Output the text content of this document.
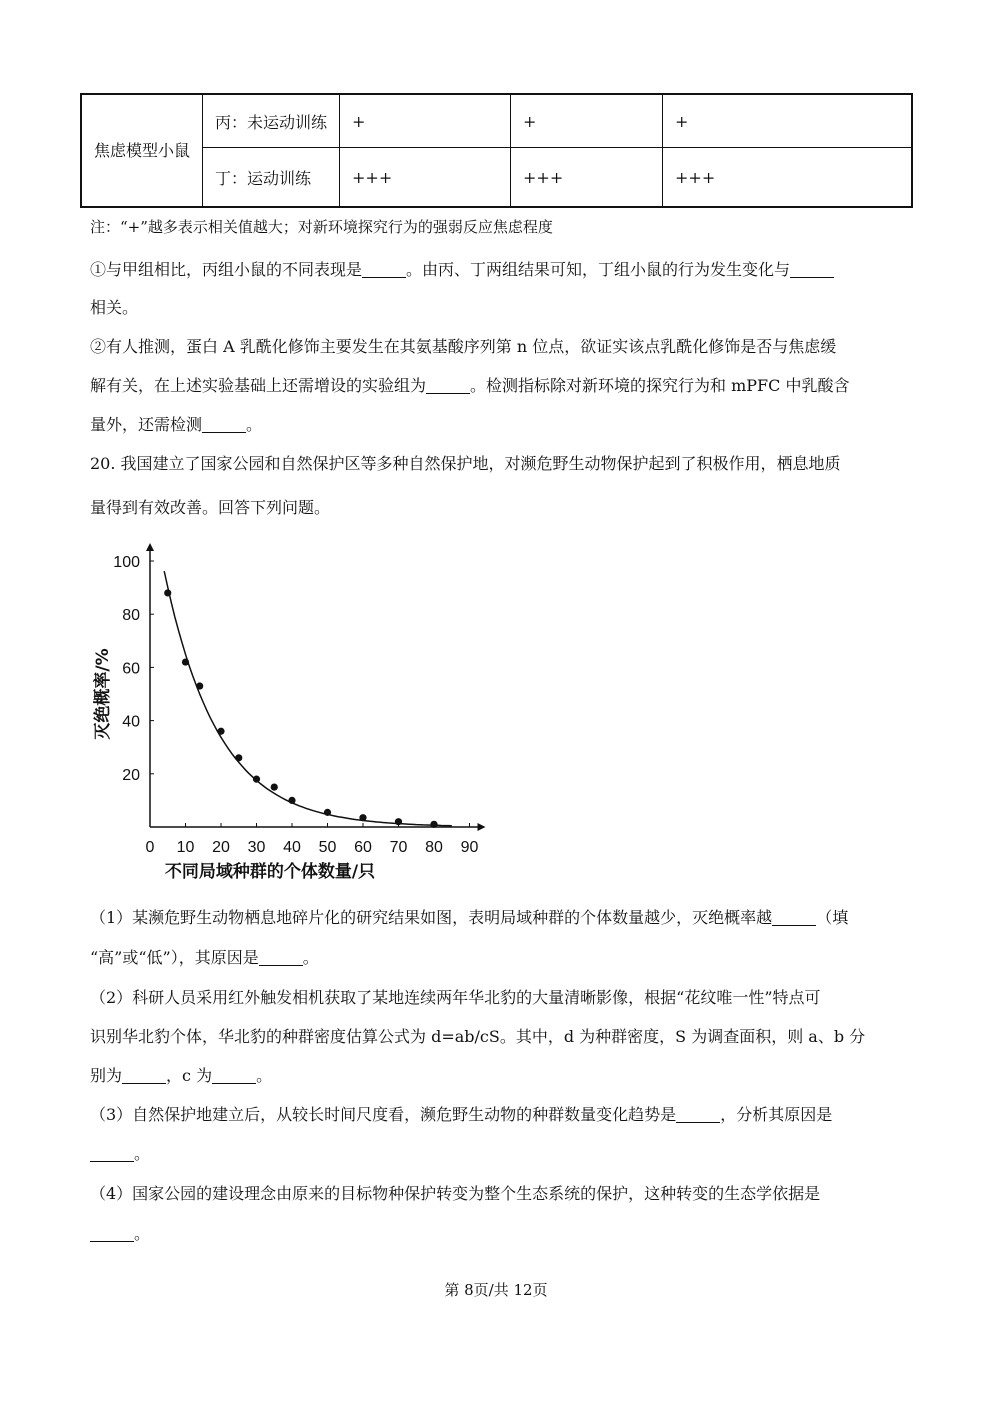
焦虑模型小鼠	丙：未运动训练	+	+	+
	丁：运动训练	+++	+++	+++
注：“+”越多表示相关值越大；对新环境探究行为的强弱反应焦虑程度
①与甲组相比，丙组小鼠的不同表现是	。由丙、丁两组结果可知，丁组小鼠的行为发生变化与
相关。
②有人推测，蛋白 A 乳酰化修饰主要发生在其氨基酸序列第 n 位点，欲证实该点乳酰化修饰是否与焦虑缓
解有关，在上述实验基础上还需增设的实验组为	。检测指标除对新环境的探究行为和 mPFC 中乳酸含
量外，还需检测	。
20. 我国建立了国家公园和自然保护区等多种自然保护地，对濒危野生动物保护起到了积极作用，栖息地质
量得到有效改善。回答下列问题。
0 10 20 30 40 50 60 70 80 90
20
40
60
80
100
不同局域种群的个体数量/只
灭绝概率/%
（1）某濒危野生动物栖息地碎片化的研究结果如图，表明局域种群的个体数量越少，灭绝概率越	（填
“高”或“低”），其原因是	。
（2）科研人员采用红外触发相机获取了某地连续两年华北豹的大量清晰影像，根据“花纹唯一性”特点可
识别华北豹个体，华北豹的种群密度估算公式为 d=ab/cS。其中，d 为种群密度，S 为调查面积，则 a、b 分
别为	，c 为	。
（3）自然保护地建立后，从较长时间尺度看，濒危野生动物的种群数量变化趋势是	，分析其原因是
。
（4）国家公园的建设理念由原来的目标物种保护转变为整个生态系统的保护，这种转变的生态学依据是
。
第 8页/共 12页
